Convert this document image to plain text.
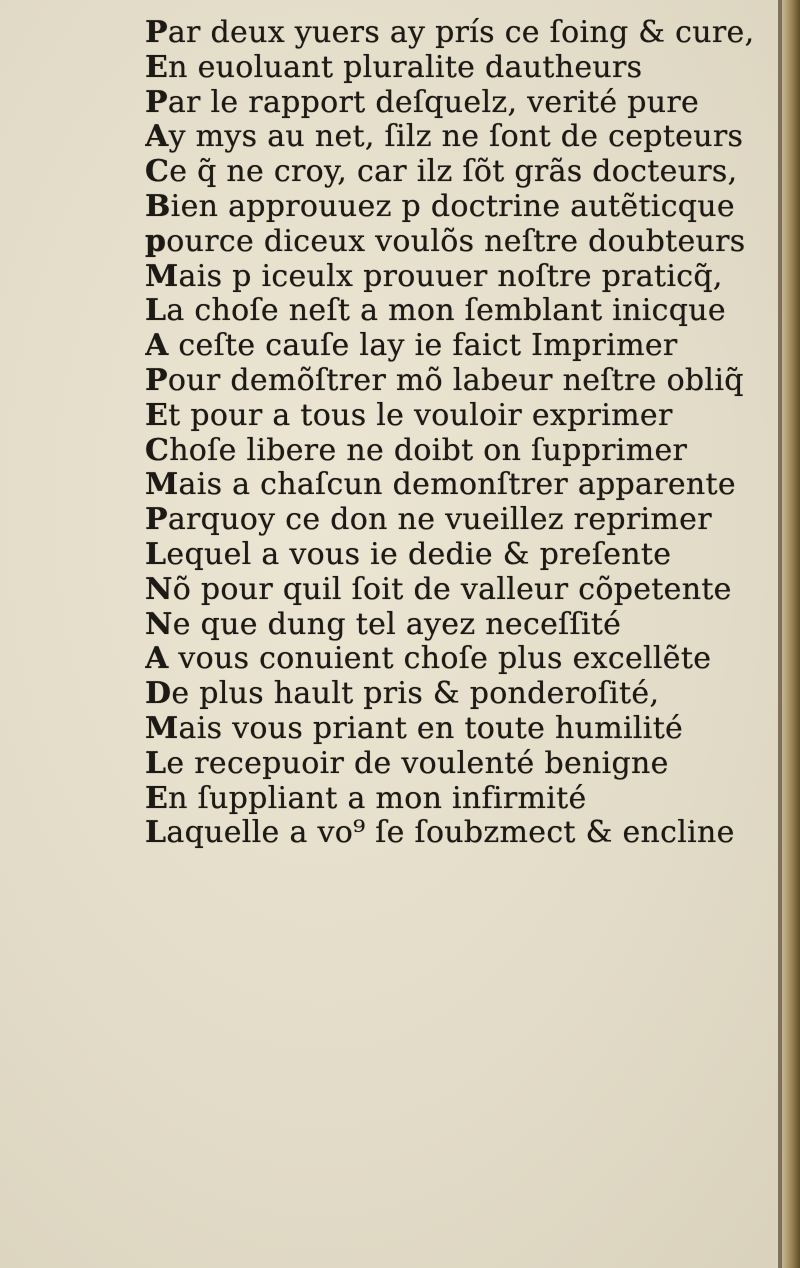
Par deux yuers ay prís ce ſoing & cure,
En euoluant pluralite dautheurs
Par le rapport deſquelz, verité pure
Ay mys au net, ſilz ne ſont de cepteurs
Ce q̃ ne croy, car ilz ſõt grãs docteurs,
Bien approuuez p doctrine autẽticque
pource diceux voulõs neſtre doubteurs
Mais p iceulx prouuer noſtre praticq̃,
La choſe neſt a mon ſemblant inicque
A ceſte cauſe lay ie faict Imprimer
Pour demõſtrer mõ labeur neſtre obliq̃
Et pour a tous le vouloir exprimer
Choſe libere ne doibt on ſupprimer
Mais a chaſcun demonſtrer apparente
Parquoy ce don ne vueillez reprimer
Lequel a vous ie dedie & preſente
Nõ pour quil ſoit de valleur cõpetente
Ne que dung tel ayez neceſſité
A vous conuient choſe plus excellẽte
De plus hault pris & ponderoſité,
Mais vous priant en toute humilité
Le recepuoir de voulenté benigne
En ſuppliant a mon infirmité
Laquelle a vo⁹ ſe ſoubzmect & encline
